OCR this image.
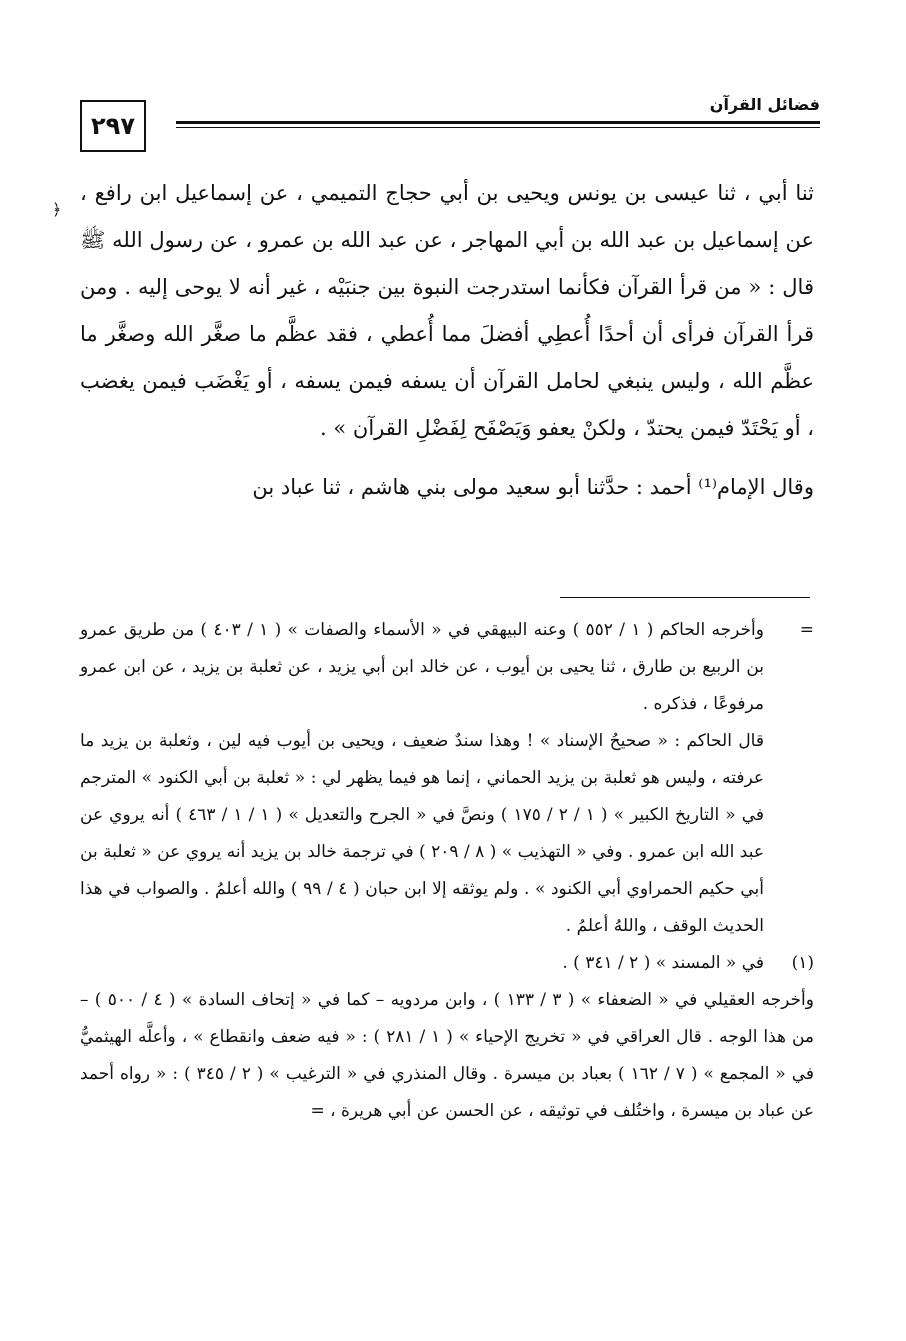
٢٩٧
فضائل القرآن
﴿

ثنا أبي ، ثنا عيسى بن يونس ويحيى بن أبي حجاج التميمي ، عن إسماعيل ابن رافع ، عن إسماعيل بن عبد الله بن أبي المهاجر ، عن عبد الله بن عمرو ، عن رسول الله ﷺ قال : « من قرأ القرآن فكأنما استدرجت النبوة بين جنبَيْه ، غير أنه لا يوحى إليه . ومن قرأ القرآن فرأى أن أحدًا أُعطِي أفضلَ مما أُعطي ، فقد عظَّم ما صغَّر الله وصغَّر ما عظَّم الله ، وليس ينبغي لحامل القرآن أن يسفه فيمن يسفه ، أو يَغْضَب فيمن يغضب ، أو يَحْتَدّ فيمن يحتدّ ، ولكنْ يعفو وَيَصْفَح لِفَضْلِ القرآن » .

وقال الإمام⁽¹⁾ أحمد : حدَّثنا أبو سعيد مولى بني هاشم ، ثنا عباد بن

=

وأخرجه الحاكم ( ١ / ٥٥٢ ) وعنه البيهقي في « الأسماء والصفات » ( ١ / ٤٠٣ ) من طريق عمرو بن الربيع بن طارق ، ثنا يحيى بن أيوب ، عن خالد ابن أبي يزيد ، عن ثعلبة بن يزيد ، عن ابن عمرو مرفوعًا ، فذكره .

قال الحاكم : « صحيحُ الإسناد » ! وهذا سندٌ ضعيف ، ويحيى بن أيوب فيه لين ، وثعلبة بن يزيد ما عرفته ، وليس هو ثعلبة بن يزيد الحماني ، إنما هو فيما يظهر لي : « ثعلبة بن أبي الكنود » المترجم في « التاريخ الكبير » ( ١ / ٢ / ١٧٥ ) ونصَّ في « الجرح والتعديل » ( ١ / ١ / ٤٦٣ ) أنه يروي عن عبد الله ابن عمرو . وفي « التهذيب » ( ٨ / ٢٠٩ ) في ترجمة خالد بن يزيد أنه يروي عن « ثعلبة بن أبي حكيم الحمراوي أبي الكنود » . ولم يوثقه إلا ابن حبان ( ٤ / ٩٩ ) والله أعلمُ . والصواب في هذا الحديث الوقف ، واللهُ أعلمُ .

(١)

في « المسند » ( ٢ / ٣٤١ ) .

وأخرجه العقيلي في « الضعفاء » ( ٣ / ١٣٣ ) ، وابن مردويه – كما في « إتحاف السادة » ( ٤ / ٥٠٠ ) – من هذا الوجه . قال العراقي في « تخريج الإحياء » ( ١ / ٢٨١ ) : « فيه ضعف وانقطاع » ، وأعلَّه الهيثميُّ في « المجمع » ( ٧ / ١٦٢ ) بعباد بن ميسرة . وقال المنذري في « الترغيب » ( ٢ / ٣٤٥ ) : « رواه أحمد عن عباد بن ميسرة ، واختُلف في توثيقه ، عن الحسن عن أبي هريرة ، =
